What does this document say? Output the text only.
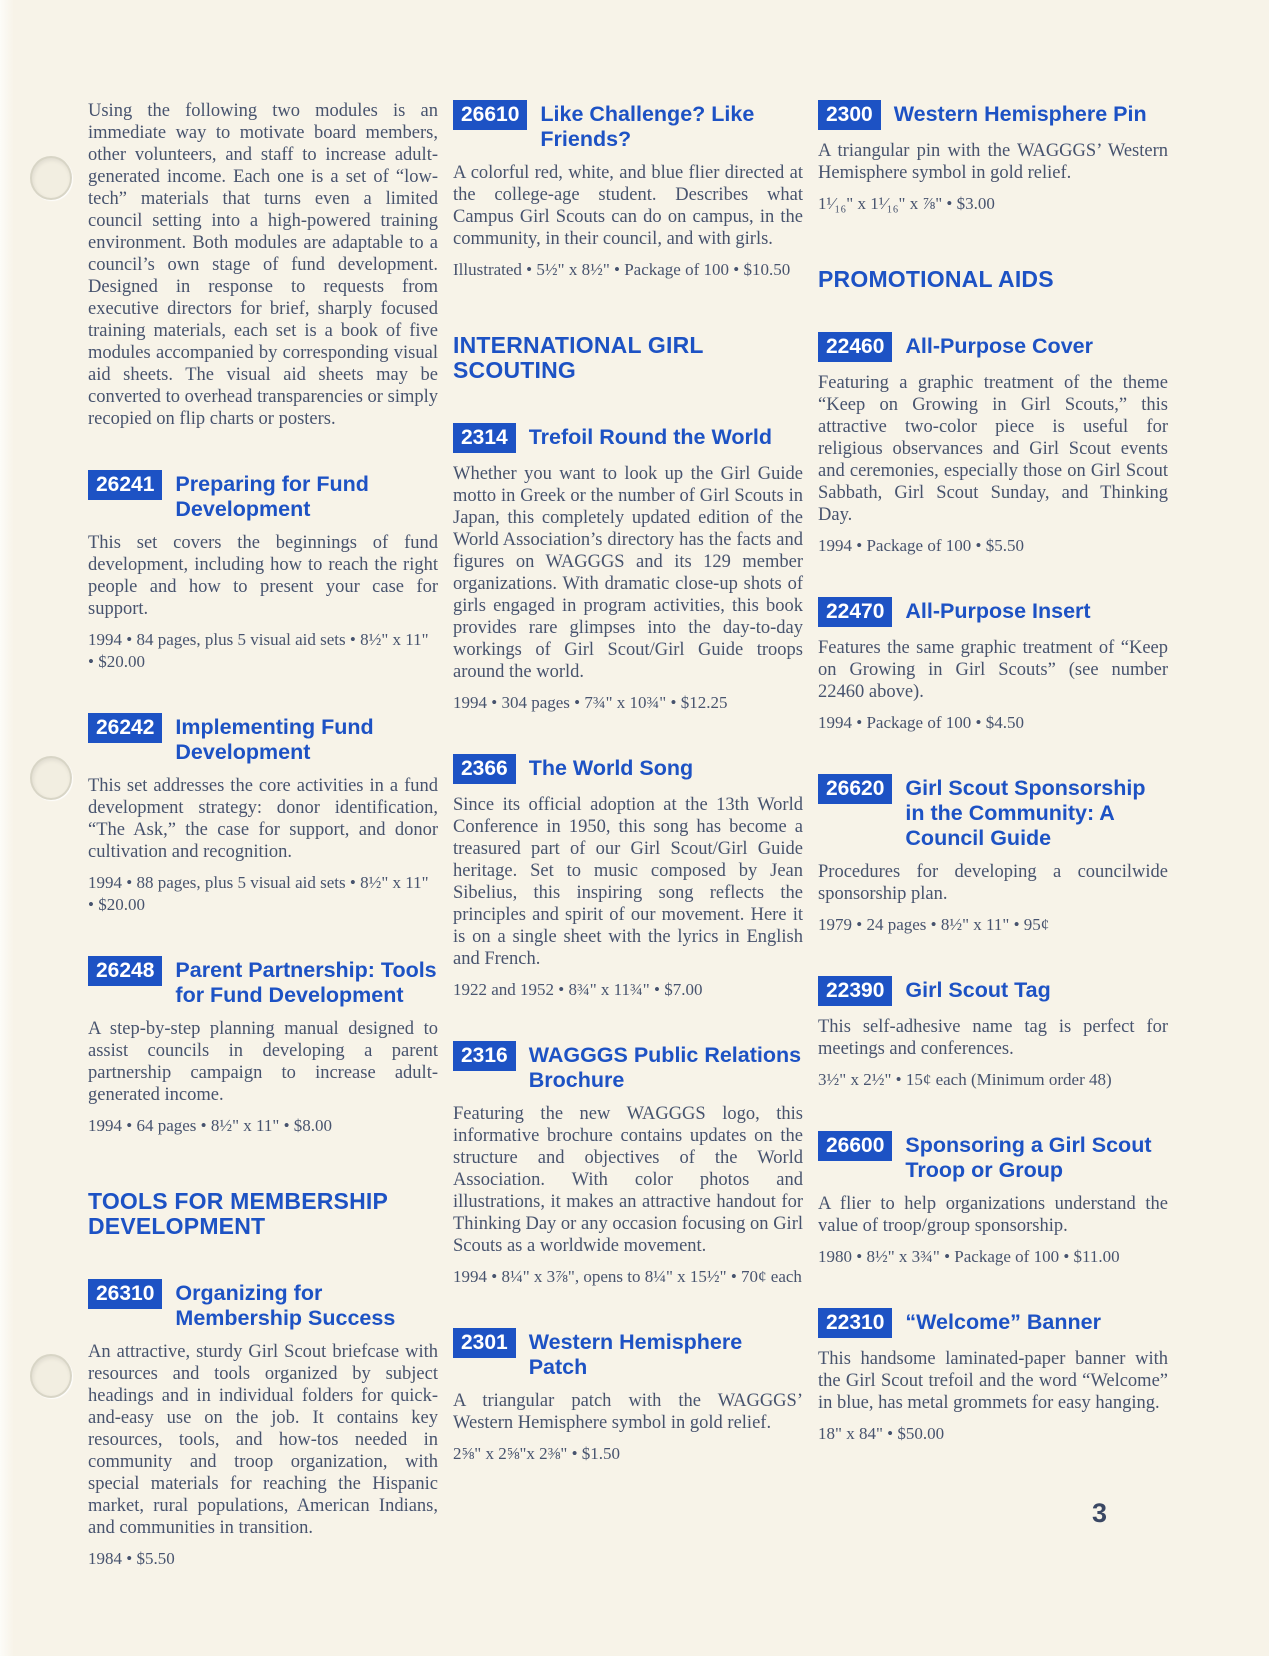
Using the following two modules is an immediate way to motivate board members, other volunteers, and staff to increase adult-generated income. Each one is a set of “low-tech” materials that turns even a limited council setting into a high-powered training environment. Both modules are adaptable to a council’s own stage of fund development. Designed in response to requests from executive directors for brief, sharply focused training materials, each set is a book of five modules accompanied by corresponding visual aid sheets. The visual aid sheets may be converted to overhead transparencies or simply recopied on flip charts or posters.

26241 Preparing for Fund Development
This set covers the beginnings of fund development, including how to reach the right people and how to present your case for support.
1994 • 84 pages, plus 5 visual aid sets • 8½" x 11" • $20.00
26242 Implementing Fund Development
This set addresses the core activities in a fund development strategy: donor identification, “The Ask,” the case for support, and donor cultivation and recognition.
1994 • 88 pages, plus 5 visual aid sets • 8½" x 11" • $20.00
26248 Parent Partnership: Tools for Fund Development
A step-by-step planning manual designed to assist councils in developing a parent partnership campaign to increase adult-generated income.
1994 • 64 pages • 8½" x 11" • $8.00
TOOLS FOR MEMBERSHIP DEVELOPMENT
26310 Organizing for Membership Success
An attractive, sturdy Girl Scout briefcase with resources and tools organized by subject headings and in individual folders for quick-and-easy use on the job. It contains key resources, tools, and how-tos needed in community and troop organization, with special materials for reaching the Hispanic market, rural populations, American Indians, and communities in transition.
1984 • $5.50
26610 Like Challenge? Like Friends?
A colorful red, white, and blue flier directed at the college-age student. Describes what Campus Girl Scouts can do on campus, in the community, in their council, and with girls.
Illustrated • 5½" x 8½" • Package of 100 • $10.50
INTERNATIONAL GIRL SCOUTING
2314 Trefoil Round the World
Whether you want to look up the Girl Guide motto in Greek or the number of Girl Scouts in Japan, this completely updated edition of the World Association’s directory has the facts and figures on WAGGGS and its 129 member organizations. With dramatic close-up shots of girls engaged in program activities, this book provides rare glimpses into the day-to-day workings of Girl Scout/Girl Guide troops around the world.
1994 • 304 pages • 7¾" x 10¾" • $12.25
2366 The World Song
Since its official adoption at the 13th World Conference in 1950, this song has become a treasured part of our Girl Scout/Girl Guide heritage. Set to music composed by Jean Sibelius, this inspiring song reflects the principles and spirit of our movement. Here it is on a single sheet with the lyrics in English and French.
1922 and 1952 • 8¾" x 11¾" • $7.00
2316 WAGGGS Public Relations Brochure
Featuring the new WAGGGS logo, this informative brochure contains updates on the structure and objectives of the World Association. With color photos and illustrations, it makes an attractive handout for Thinking Day or any occasion focusing on Girl Scouts as a worldwide movement.
1994 • 8¼" x 3⅞", opens to 8¼" x 15½" • 70¢ each
2301 Western Hemisphere Patch
A triangular patch with the WAGGGS’ Western Hemisphere symbol in gold relief.
2⅝" x 2⅝"x 2⅜" • $1.50
2300 Western Hemisphere Pin
A triangular pin with the WAGGGS’ Western Hemisphere symbol in gold relief.
1¹⁄₁₆" x 1¹⁄₁₆" x ⅞" • $3.00
PROMOTIONAL AIDS
22460 All-Purpose Cover
Featuring a graphic treatment of the theme “Keep on Growing in Girl Scouts,” this attractive two-color piece is useful for religious observances and Girl Scout events and ceremonies, especially those on Girl Scout Sabbath, Girl Scout Sunday, and Thinking Day.
1994 • Package of 100 • $5.50
22470 All-Purpose Insert
Features the same graphic treatment of “Keep on Growing in Girl Scouts” (see number 22460 above).
1994 • Package of 100 • $4.50
26620 Girl Scout Sponsorship in the Community: A Council Guide
Procedures for developing a councilwide sponsorship plan.
1979 • 24 pages • 8½" x 11" • 95¢
22390 Girl Scout Tag
This self-adhesive name tag is perfect for meetings and conferences.
3½" x 2½" • 15¢ each (Minimum order 48)
26600 Sponsoring a Girl Scout Troop or Group
A flier to help organizations understand the value of troop/group sponsorship.
1980 • 8½" x 3¾" • Package of 100 • $11.00
22310 “Welcome” Banner
This handsome laminated-paper banner with the Girl Scout trefoil and the word “Welcome” in blue, has metal grommets for easy hanging.
18" x 84" • $50.00
3
